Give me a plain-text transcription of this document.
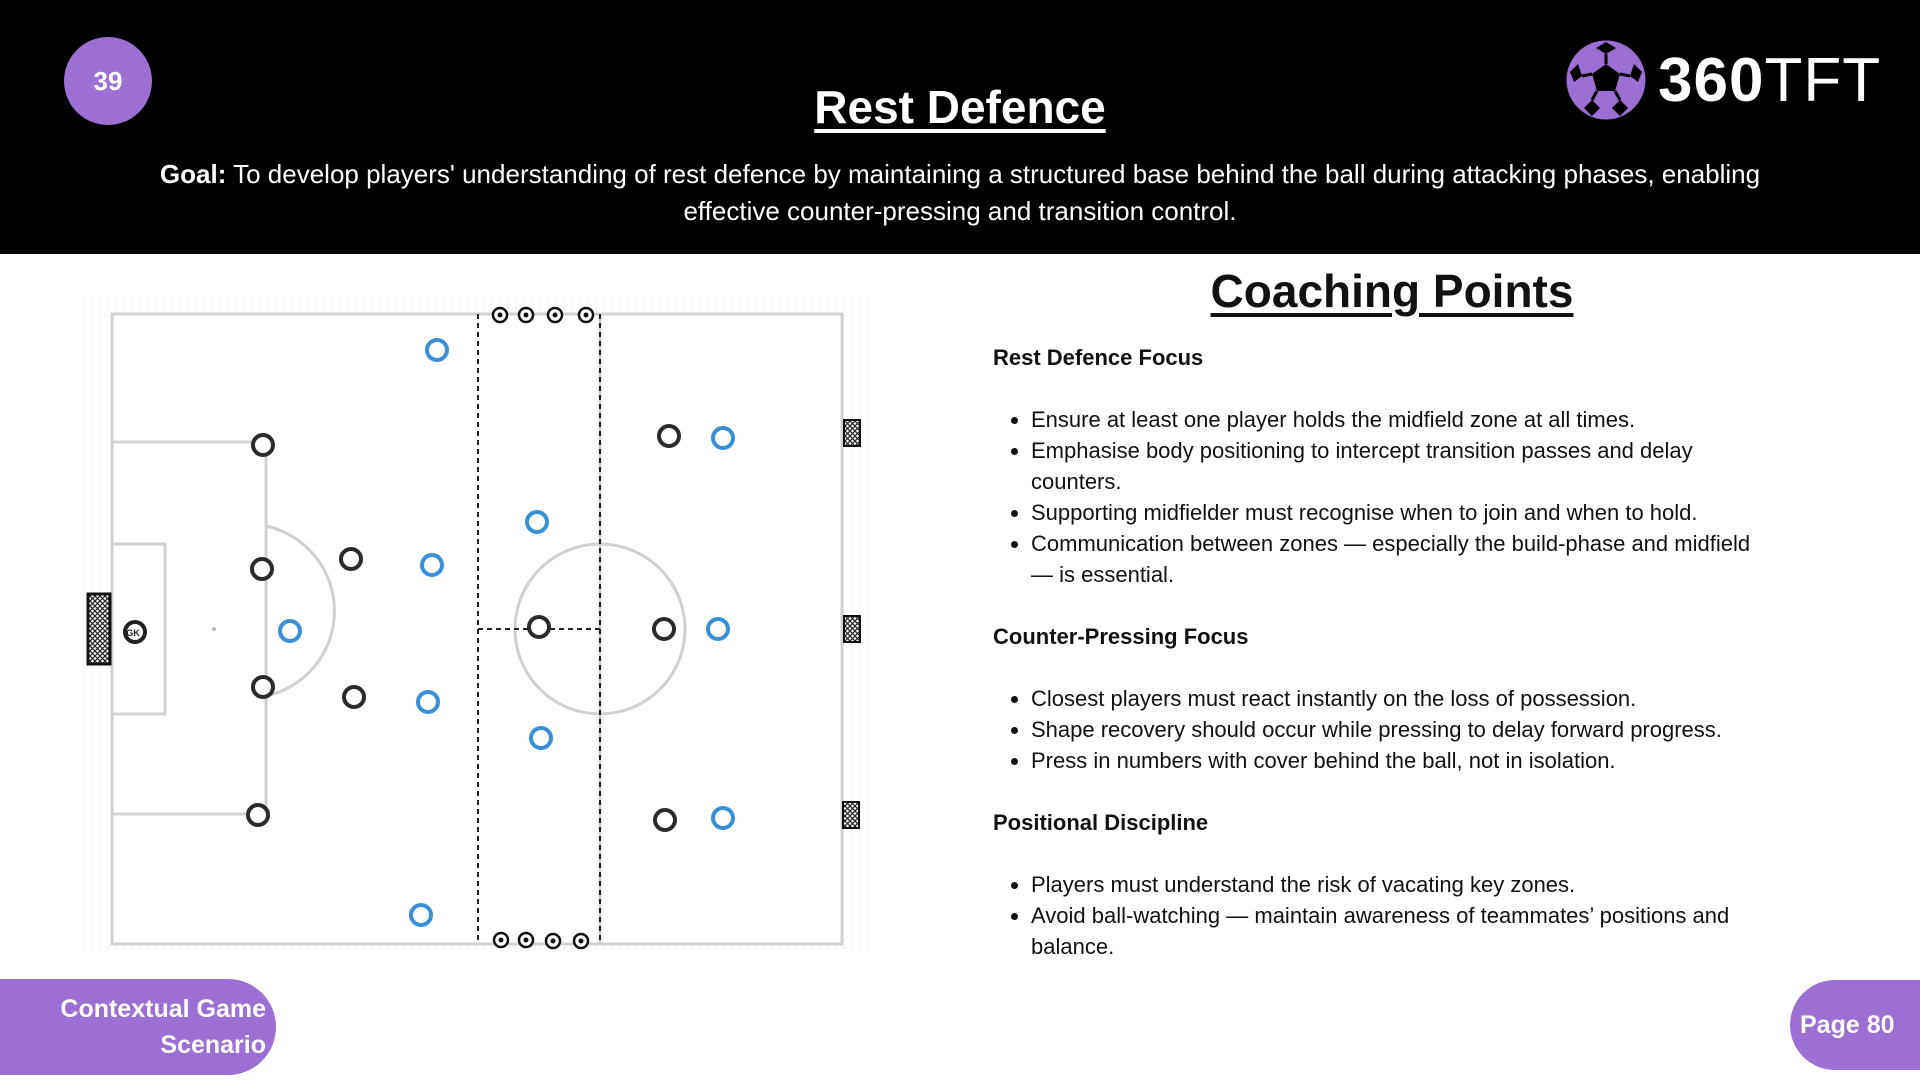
39
Rest Defence
Goal: To develop players' understanding of rest defence by maintaining a structured base behind the ball during attacking phases, enabling effective counter-pressing and transition control.
360TFT
GK
Coaching Points
Rest Defence Focus
• Ensure at least one player holds the midfield zone at all times.
• Emphasise body positioning to intercept transition passes and delay counters.
• Supporting midfielder must recognise when to join and when to hold.
• Communication between zones — especially the build-phase and midfield — is essential.
Counter-Pressing Focus
• Closest players must react instantly on the loss of possession.
• Shape recovery should occur while pressing to delay forward progress.
• Press in numbers with cover behind the ball, not in isolation.
Positional Discipline
• Players must understand the risk of vacating key zones.
• Avoid ball-watching — maintain awareness of teammates’ positions and balance.
Contextual Game
Scenario
Page 80
